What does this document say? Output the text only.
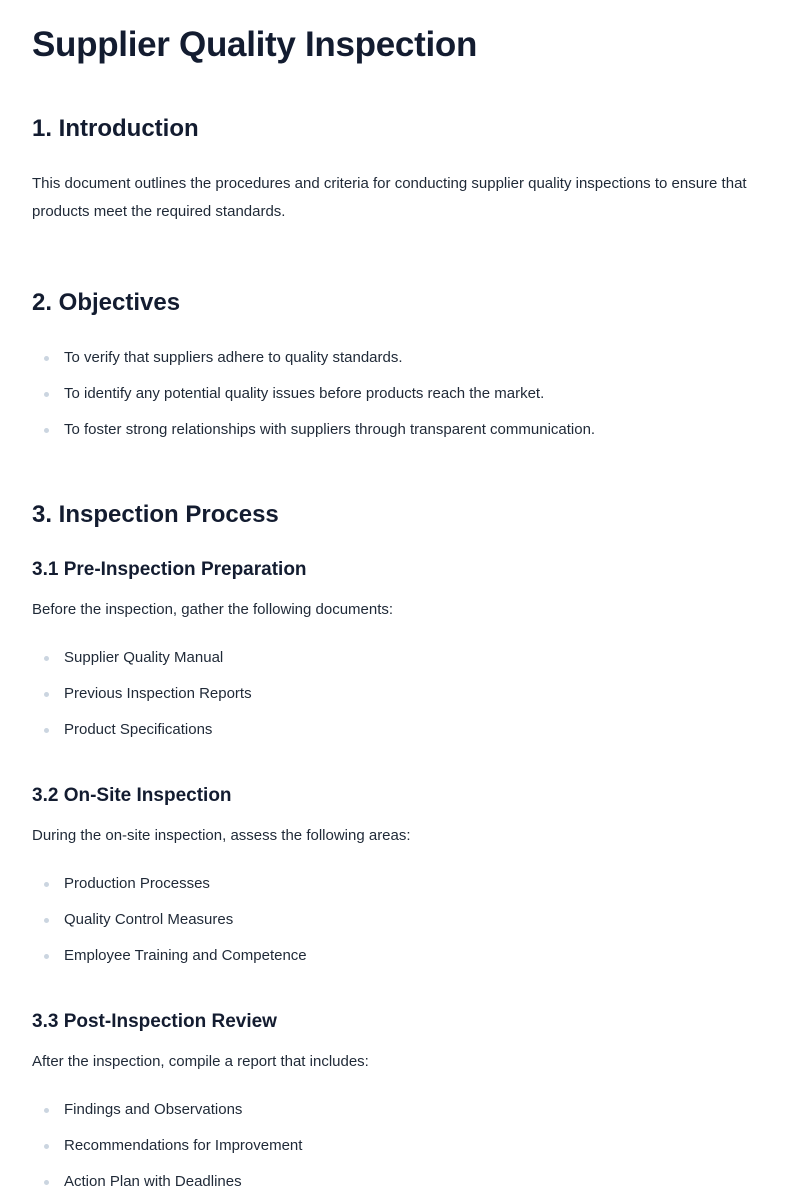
Supplier Quality Inspection
1. Introduction

This document outlines the procedures and criteria for conducting supplier quality inspections to ensure that products meet the required standards.

2. Objectives
To verify that suppliers adhere to quality standards.
To identify any potential quality issues before products reach the market.
To foster strong relationships with suppliers through transparent communication.
3. Inspection Process
3.1 Pre-Inspection Preparation

Before the inspection, gather the following documents:

Supplier Quality Manual
Previous Inspection Reports
Product Specifications
3.2 On-Site Inspection

During the on-site inspection, assess the following areas:

Production Processes
Quality Control Measures
Employee Training and Competence
3.3 Post-Inspection Review

After the inspection, compile a report that includes:

Findings and Observations
Recommendations for Improvement
Action Plan with Deadlines
